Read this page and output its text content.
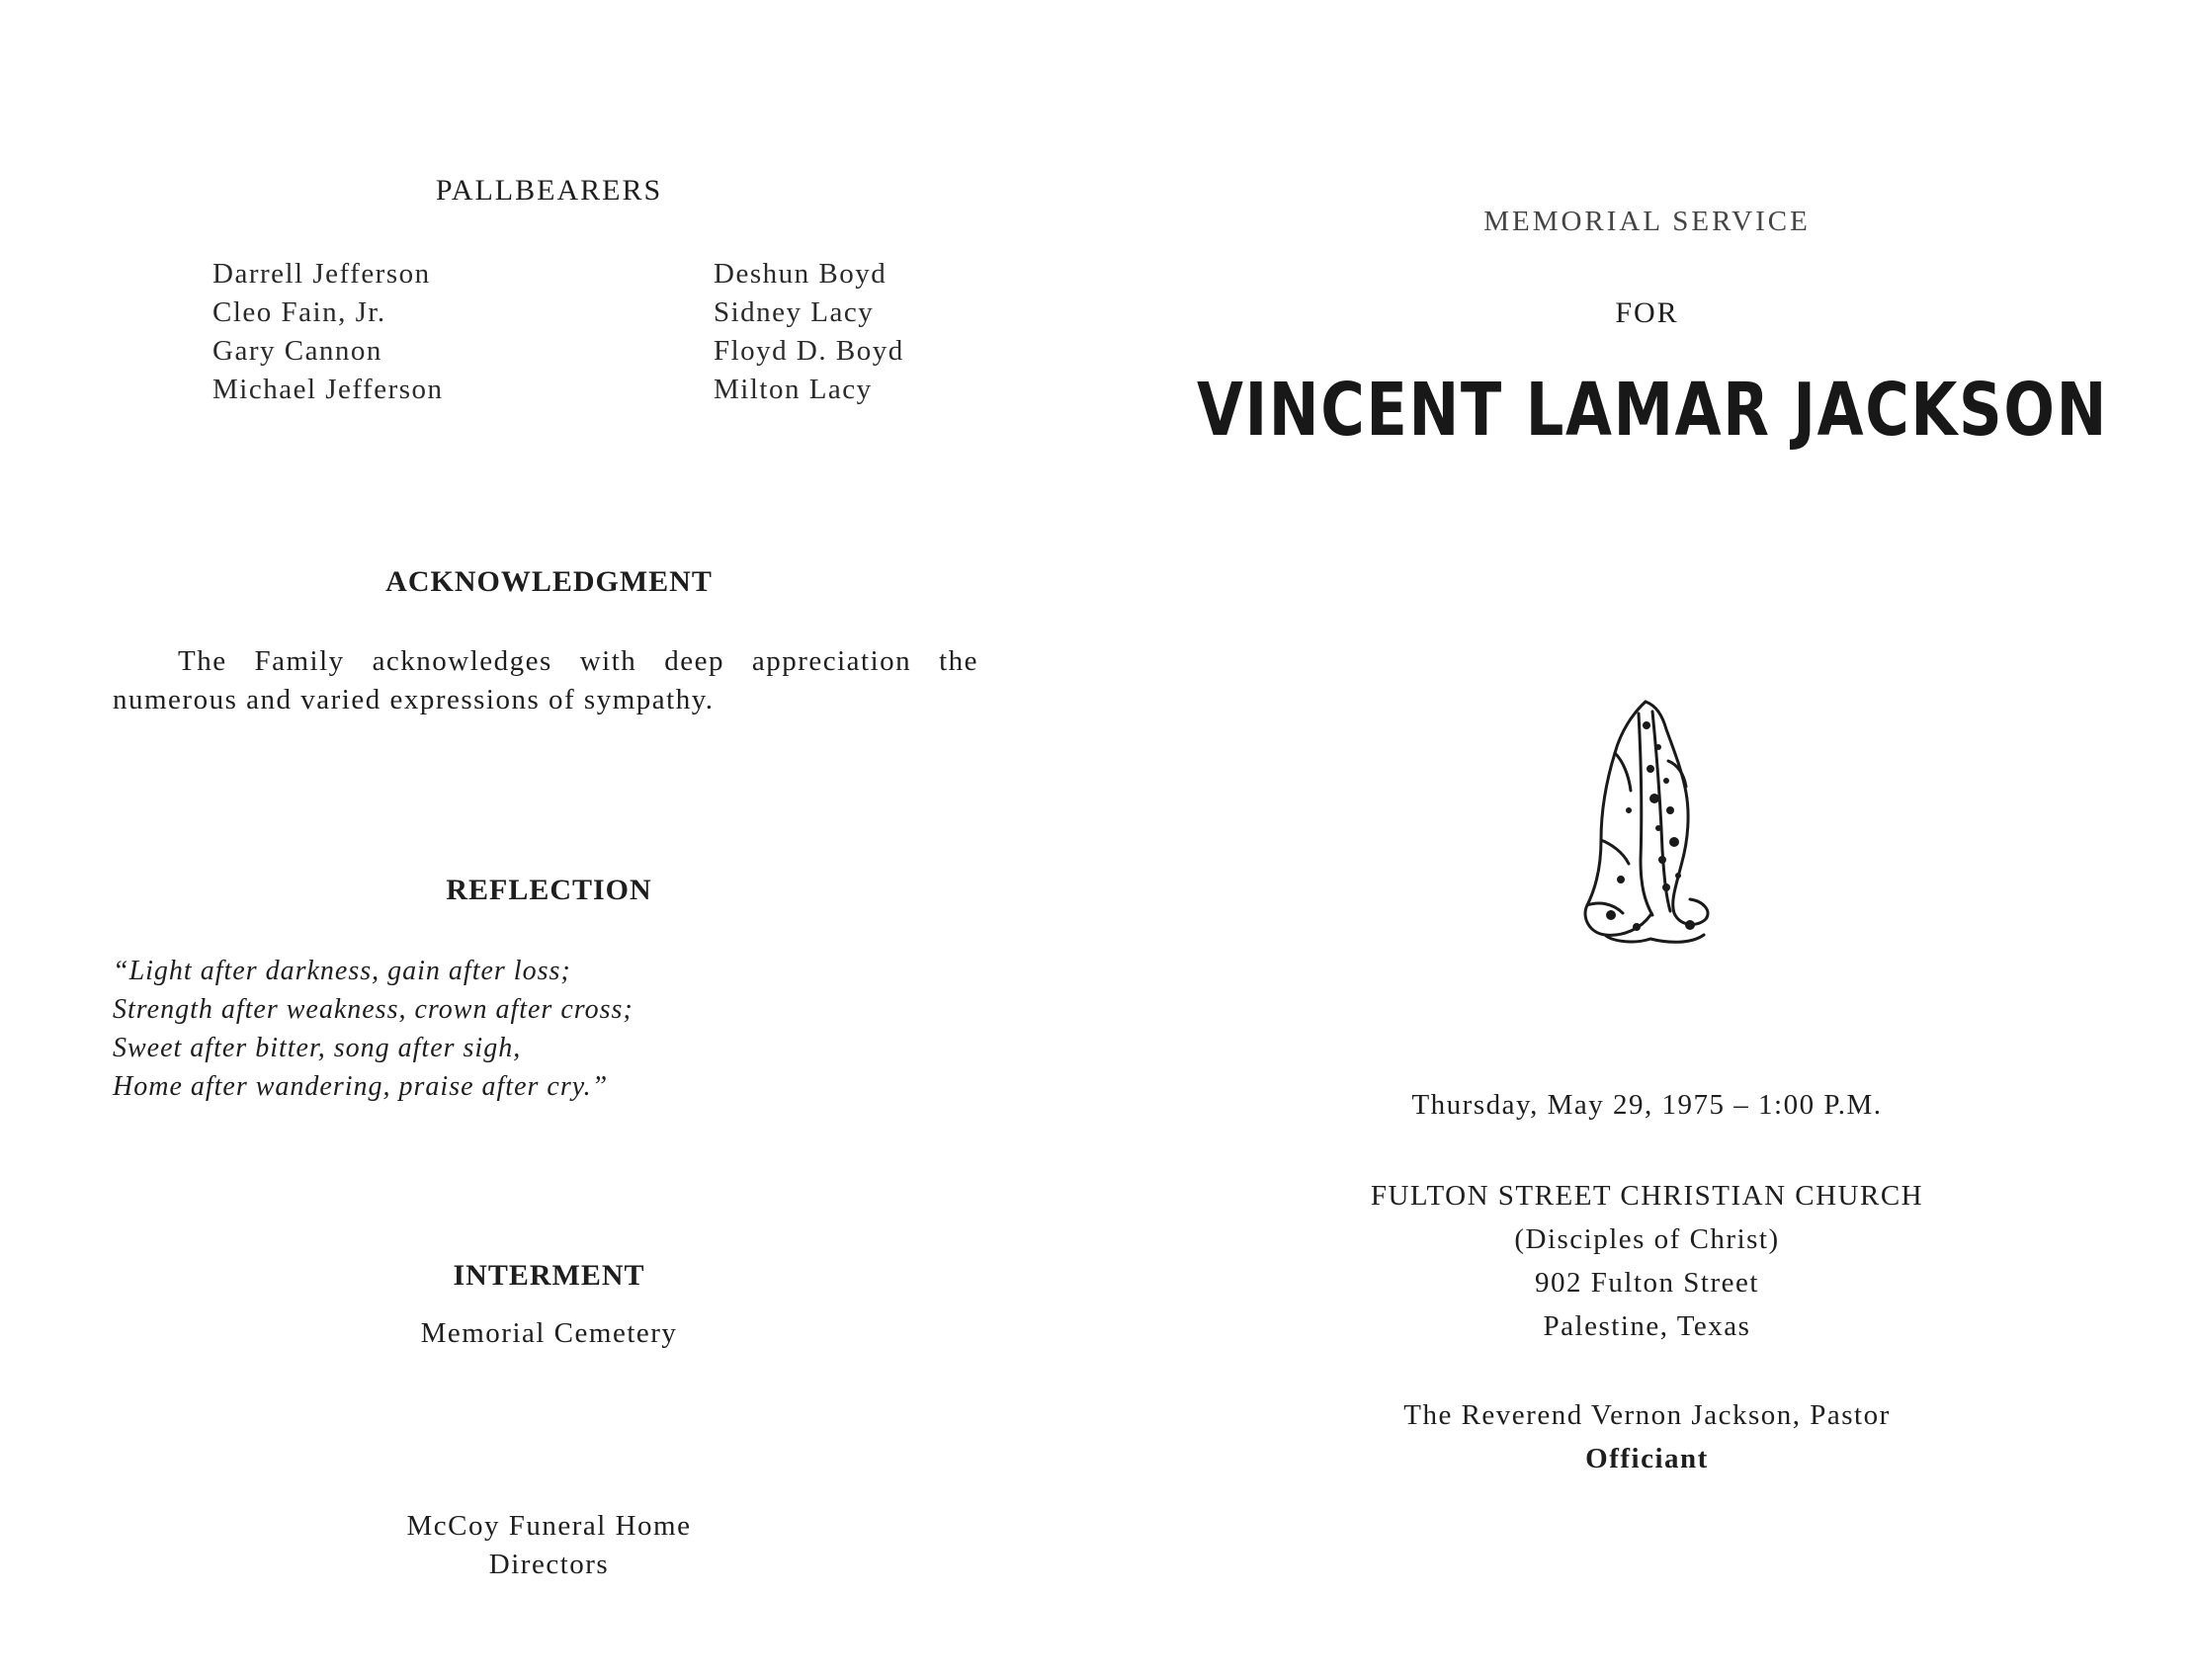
PALLBEARERS
Darrell Jefferson
Cleo Fain, Jr.
Gary Cannon
Michael Jefferson
Deshun Boyd
Sidney Lacy
Floyd D. Boyd
Milton Lacy
ACKNOWLEDGMENT
The Family acknowledges with deep appreciation the numerous and varied expressions of sympathy.
REFLECTION
“Light after darkness, gain after loss;
Strength after weakness, crown after cross;
Sweet after bitter, song after sigh,
Home after wandering, praise after cry.”
INTERMENT
Memorial Cemetery
McCoy Funeral Home
Directors
MEMORIAL SERVICE
FOR
VINCENT LAMAR JACKSON
Thursday, May 29, 1975 – 1:00 P.M.
FULTON STREET CHRISTIAN CHURCH
(Disciples of Christ)
902 Fulton Street
Palestine, Texas
The Reverend Vernon Jackson, Pastor
Officiant
